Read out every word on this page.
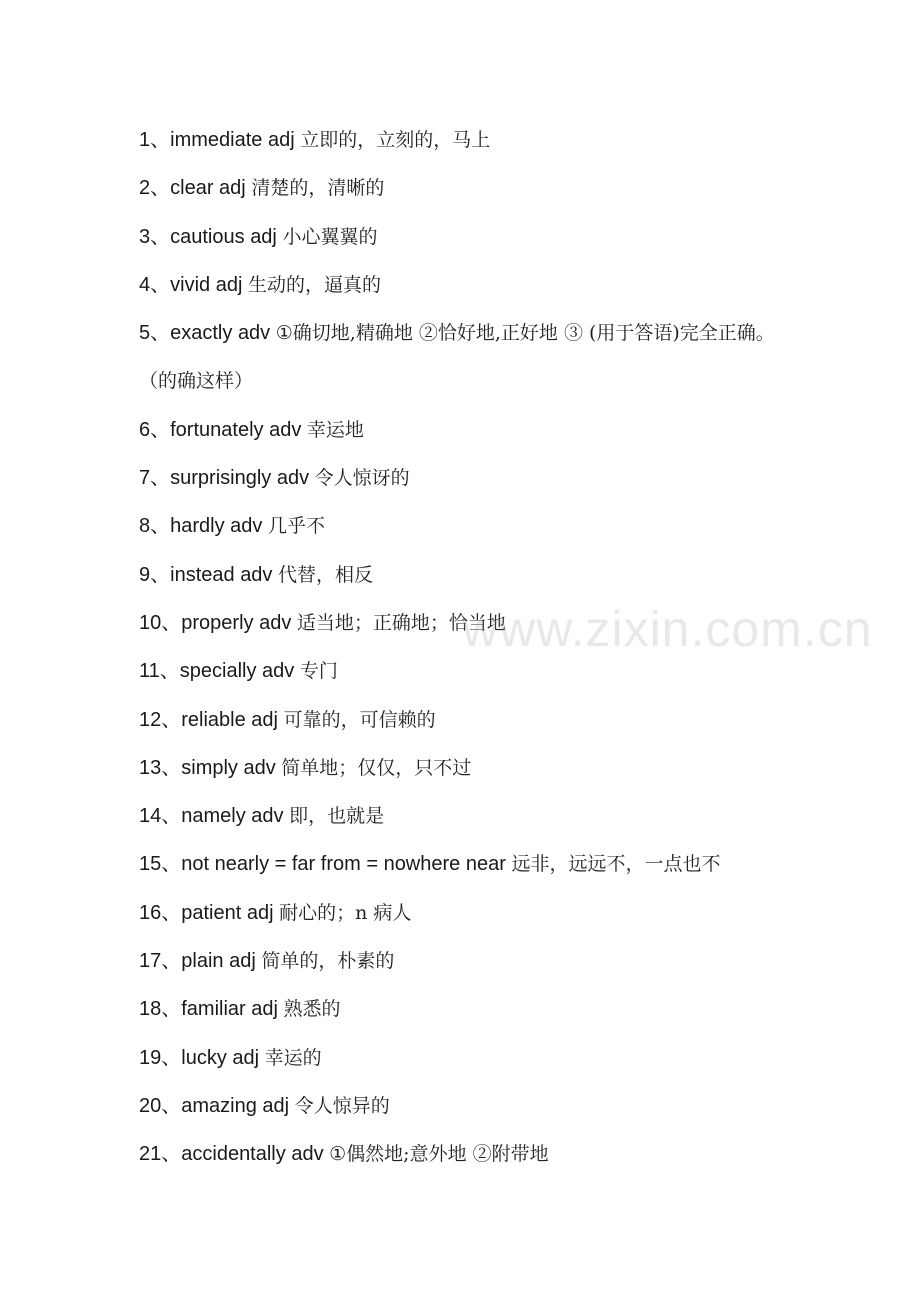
1、immediate adj 立即的，立刻的，马上
2、clear adj 清楚的，清晰的
3、cautious adj 小心翼翼的
4、vivid adj 生动的，逼真的
5、exactly adv ①确切地,精确地 ②恰好地,正好地 ③ (用于答语)完全正确。（的确这样）
6、fortunately adv 幸运地
7、surprisingly adv 令人惊讶的
8、hardly adv 几乎不
9、instead adv 代替，相反
10、properly adv 适当地；正确地；恰当地
11、specially adv 专门
12、reliable adj 可靠的，可信赖的
13、simply adv 简单地；仅仅，只不过
14、namely adv 即，也就是
15、not nearly = far from = nowhere near 远非，远远不，一点也不
16、patient adj 耐心的；n 病人
17、plain adj 简单的，朴素的
18、familiar adj 熟悉的
19、lucky adj 幸运的
20、amazing adj 令人惊异的
21、accidentally adv ①偶然地;意外地 ②附带地
www.zixin.com.cn
